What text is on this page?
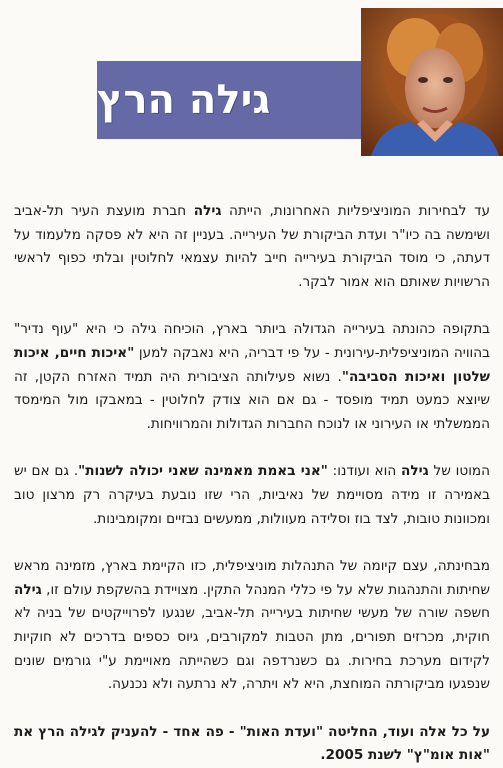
גילה הרץ

עד לבחירות המוניציפליות האחרונות, הייתה גילה חברת מועצת העיר תל-אביב ושימשה בה כיו"ר ועדת הביקורת של העירייה. בעניין זה היא לא פסקה מלעמוד על דעתה, כי מוסד הביקורת בעירייה חייב להיות עצמאי לחלוטין ובלתי כפוף לראשי הרשויות שאותם הוא אמור לבקר.

בתקופה כהונתה בעירייה הגדולה ביותר בארץ, הוכיחה גילה כי היא "עוף נדיר" בהוויה המוניציפלית-עירונית - על פי דבריה, היא נאבקה למען "איכות חיים, איכות שלטון ואיכות הסביבה". נשוא פעילותה הציבורית היה תמיד האזרח הקטן, זה שיוצא כמעט תמיד מופסד - גם אם הוא צודק לחלוטין - במאבקו מול המימסד הממשלתי או העירוני או לנוכח החברות הגדולות והמרוויחות.

המוטו של גילה הוא ועודנו: "אני באמת מאמינה שאני יכולה לשנות". גם אם יש באמירה זו מידה מסויימת של נאיביות, הרי שזו נובעת בעיקרה רק מרצון טוב ומכוונות טובות, לצד בוז וסלידה מעוולות, ממעשים נבזיים ומקומבינות.

מבחינתה, עצם קיומה של התנהלות מוניציפלית, כזו הקיימת בארץ, מזמינה מראש שחיתות והתנהגות שלא על פי כללי המנהל התקין. מצויידת בהשקפת עולם זו, גילה חשפה שורה של מעשי שחיתות בעירייה תל-אביב, שנגעו לפרוייקטים של בניה לא חוקית, מכרזים תפורים, מתן הטבות למקורבים, גיוס כספים בדרכים לא חוקיות לקידום מערכת בחירות. גם כשנרדפה וגם כשהייתה מאויימת ע"י גורמים שונים שנפגעו מביקורתה המוחצת, היא לא ויתרה, לא נרתעה ולא נכנעה.

על כל אלה ועוד, החליטה "ועדת האות" - פה אחד - להעניק לגילה הרץ את "אות אומ"ץ" לשנת 2005.
